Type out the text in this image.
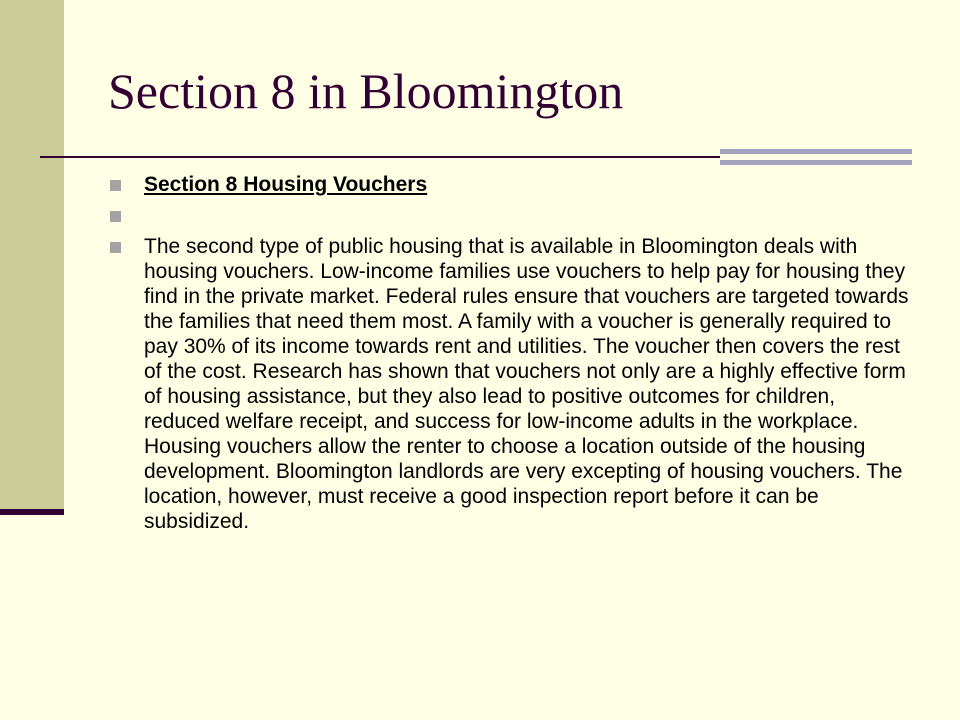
Section 8 in Bloomington
Section 8 Housing Vouchers
The second type of public housing that is available in Bloomington deals with housing vouchers. Low-income families use vouchers to help pay for housing they find in the private market. Federal rules ensure that vouchers are targeted towards the families that need them most. A family with a voucher is generally required to pay 30% of its income towards rent and utilities. The voucher then covers the rest of the cost. Research has shown that vouchers not only are a highly effective form of housing assistance, but they also lead to positive outcomes for children, reduced welfare receipt, and success for low-income adults in the workplace. Housing vouchers allow the renter to choose a location outside of the housing development. Bloomington landlords are very excepting of housing vouchers. The location, however, must receive a good inspection report before it can be subsidized.
